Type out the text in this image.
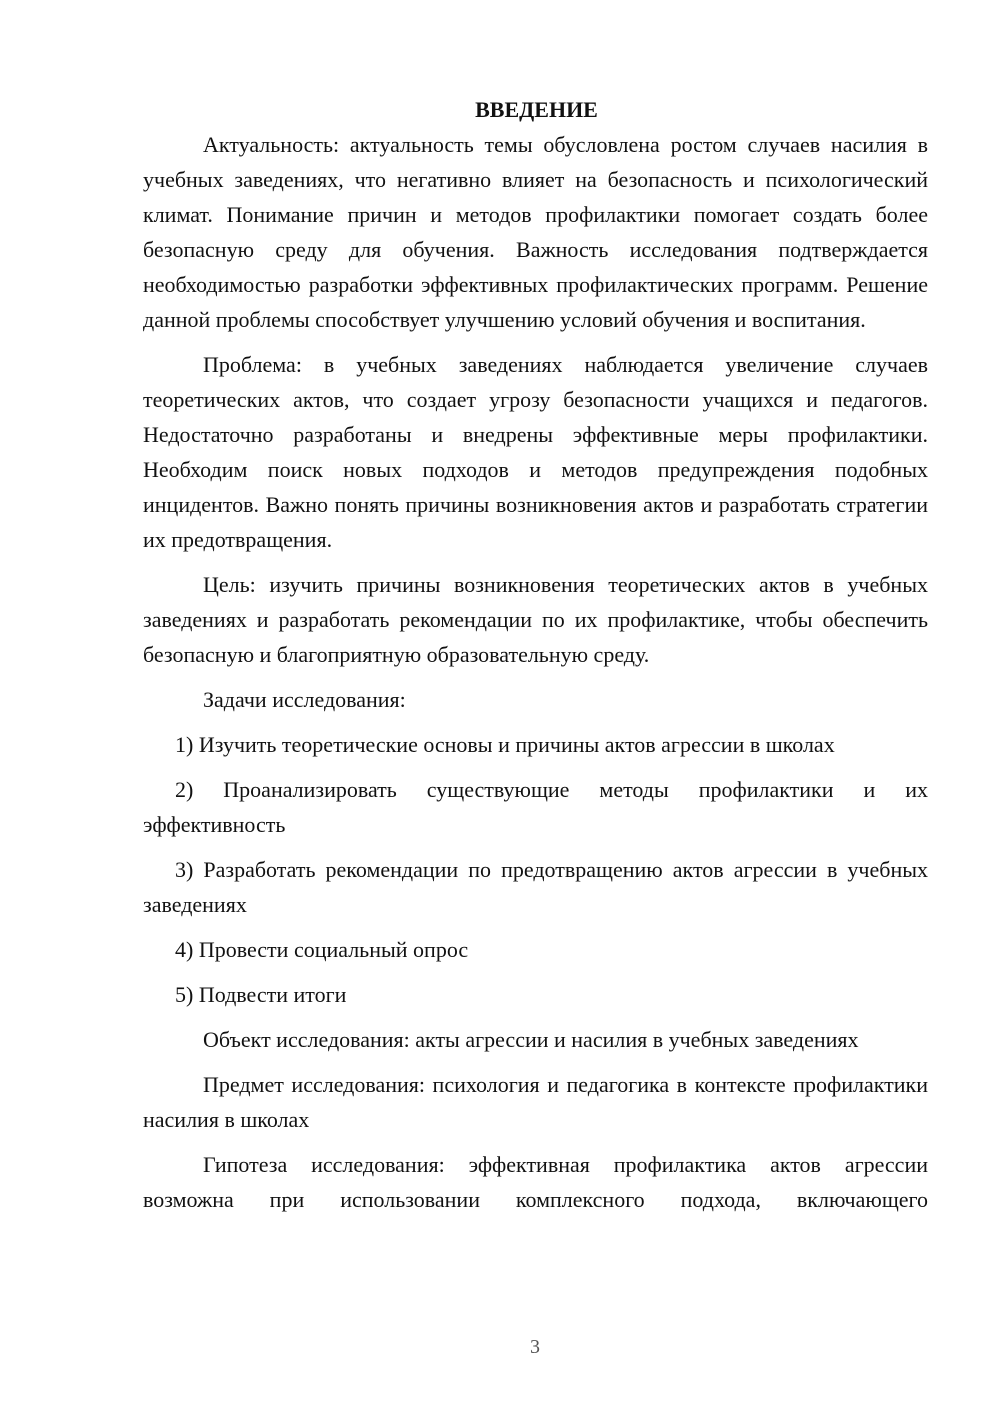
ВВЕДЕНИЕ

Актуальность: актуальность темы обусловлена ростом случаев насилия в учебных заведениях, что негативно влияет на безопасность и психологический климат. Понимание причин и методов профилактики помогает создать более безопасную среду для обучения. Важность исследования подтверждается необходимостью разработки эффективных профилактических программ. Решение данной проблемы способствует улучшению условий обучения и воспитания.

Проблема: в учебных заведениях наблюдается увеличение случаев теоретических актов, что создает угрозу безопасности учащихся и педагогов. Недостаточно разработаны и внедрены эффективные меры профилактики. Необходим поиск новых подходов и методов предупреждения подобных инцидентов. Важно понять причины возникновения актов и разработать стратегии их предотвращения.

Цель: изучить причины возникновения теоретических актов в учебных заведениях и разработать рекомендации по их профилактике, чтобы обеспечить безопасную и благоприятную образовательную среду.

Задачи исследования:

1) Изучить теоретические основы и причины актов агрессии в школах

2) Проанализировать существующие методы профилактики и их эффективность

3) Разработать рекомендации по предотвращению актов агрессии в учебных заведениях

4) Провести социальный опрос

5) Подвести итоги

Объект исследования: акты агрессии и насилия в учебных заведениях

Предмет исследования: психология и педагогика в контексте профилактики насилия в школах

Гипотеза исследования: эффективная профилактика актов агрессии возможна при использовании комплексного подхода, включающего

3
